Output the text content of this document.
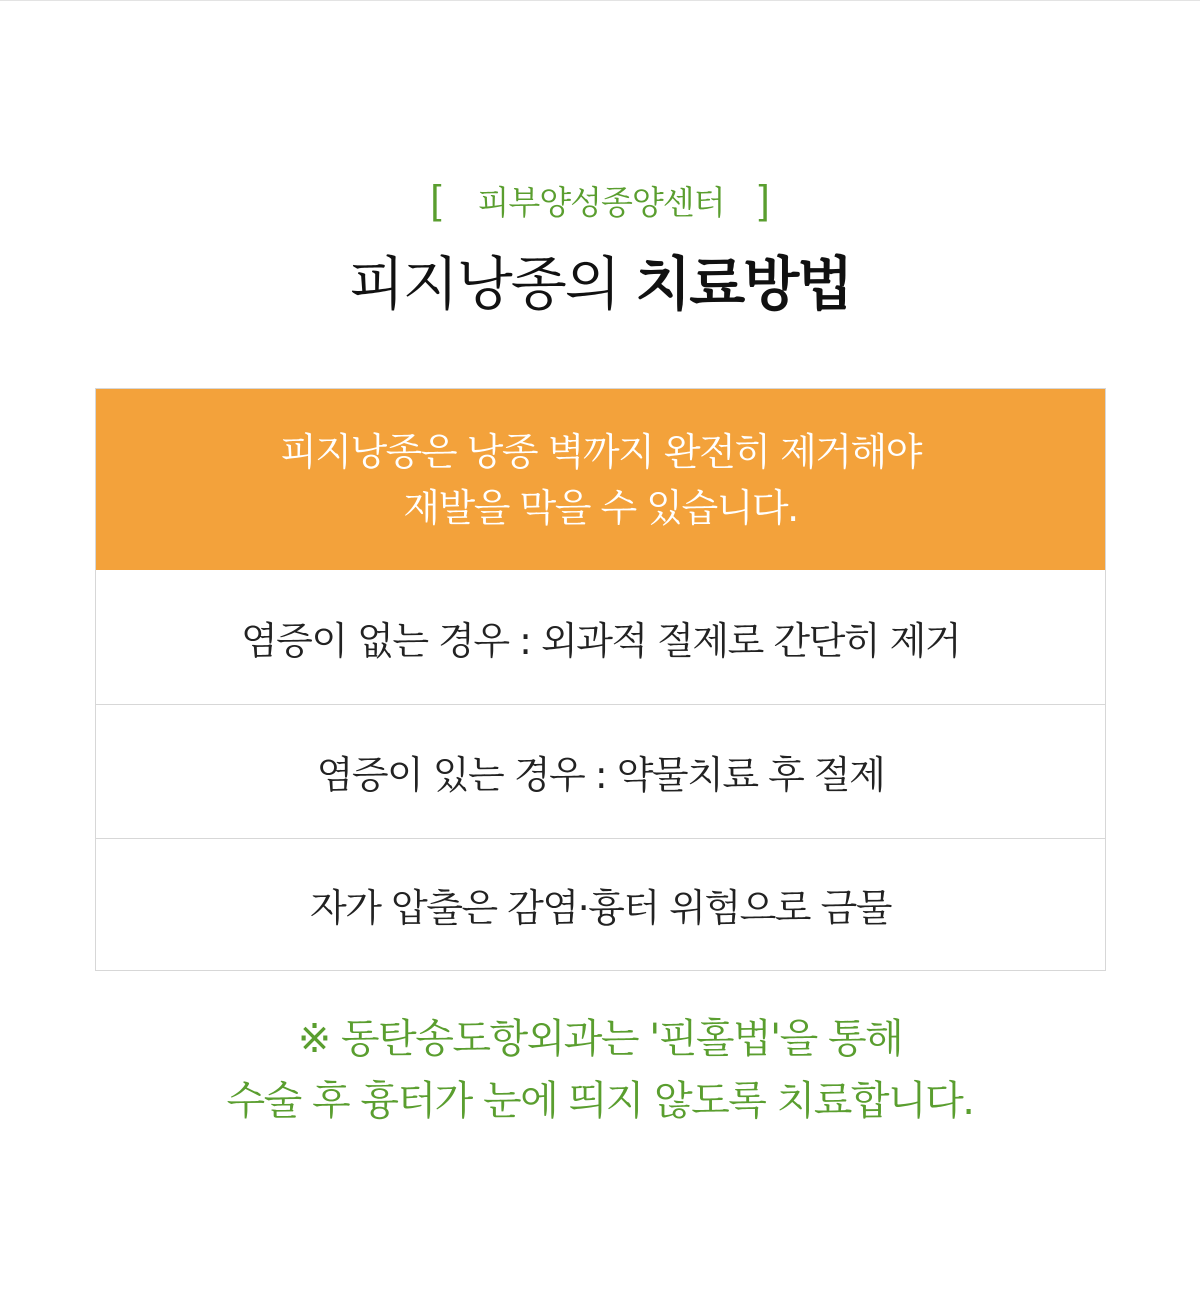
[ 피부양성종양센터 ]
피지낭종의 치료방법
피지낭종은 낭종 벽까지 완전히 제거해야
재발을 막을 수 있습니다.
염증이 없는 경우 : 외과적 절제로 간단히 제거
염증이 있는 경우 : 약물치료 후 절제
자가 압출은 감염·흉터 위험으로 금물
※ 동탄송도항외과는 '핀홀법'을 통해
수술 후 흉터가 눈에 띄지 않도록 치료합니다.
